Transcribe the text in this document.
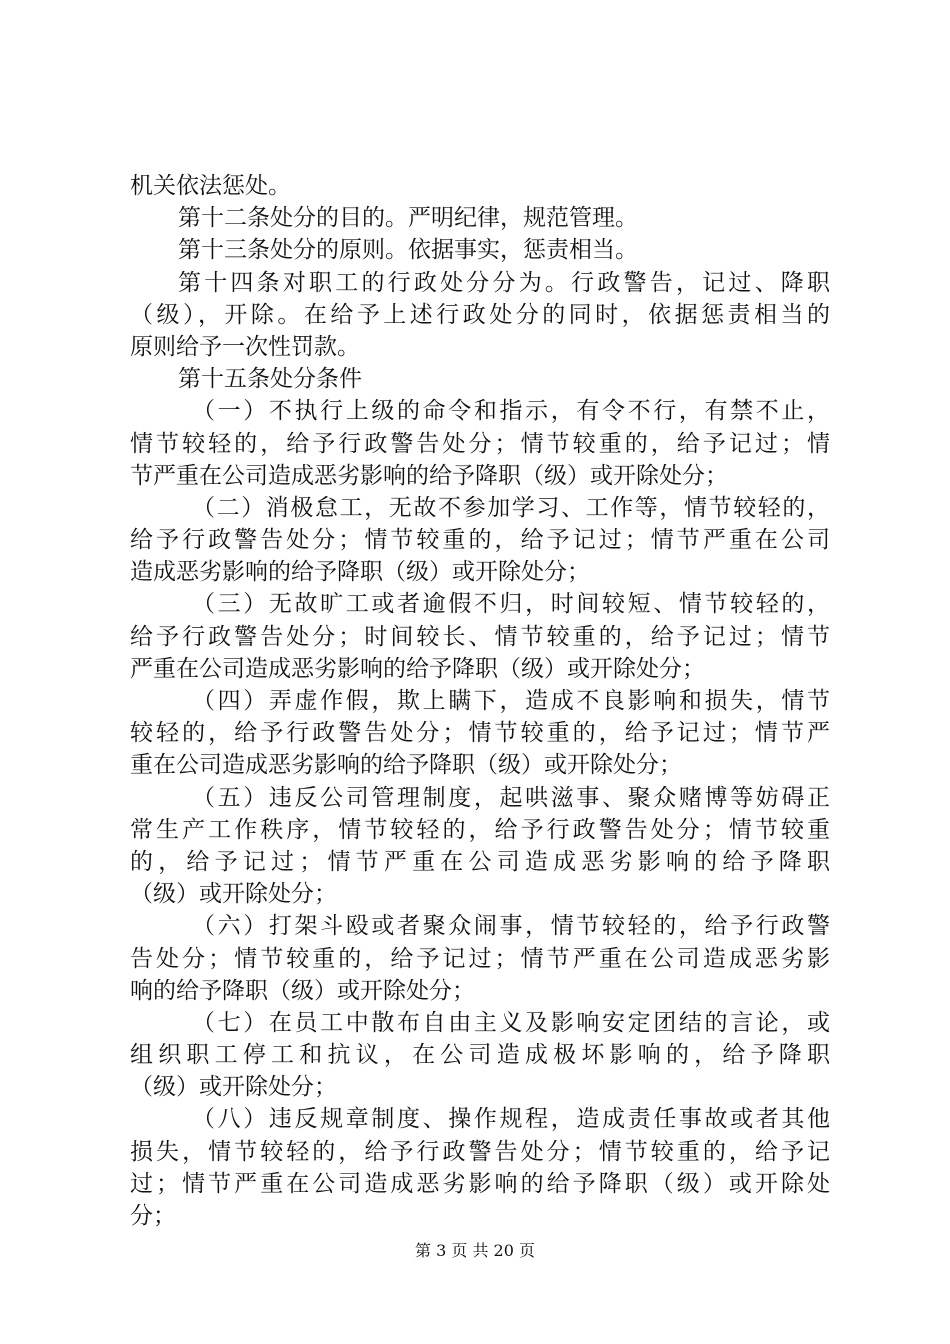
机关依法惩处。
第十二条处分的目的。严明纪律，规范管理。
第十三条处分的原则。依据事实，惩责相当。
第十四条对职工的行政处分分为。行政警告，记过、降职
（级），开除。在给予上述行政处分的同时，依据惩责相当的
原则给予一次性罚款。
第十五条处分条件
（一）不执行上级的命令和指示，有令不行，有禁不止，
情节较轻的，给予行政警告处分；情节较重的，给予记过；情
节严重在公司造成恶劣影响的给予降职（级）或开除处分；
（二）消极怠工，无故不参加学习、工作等，情节较轻的，
给予行政警告处分；情节较重的，给予记过；情节严重在公司
造成恶劣影响的给予降职（级）或开除处分；
（三）无故旷工或者逾假不归，时间较短、情节较轻的，
给予行政警告处分；时间较长、情节较重的，给予记过；情节
严重在公司造成恶劣影响的给予降职（级）或开除处分；
（四）弄虚作假，欺上瞒下，造成不良影响和损失，情节
较轻的，给予行政警告处分；情节较重的，给予记过；情节严
重在公司造成恶劣影响的给予降职（级）或开除处分；
（五）违反公司管理制度，起哄滋事、聚众赌博等妨碍正
常生产工作秩序，情节较轻的，给予行政警告处分；情节较重
的，给予记过；情节严重在公司造成恶劣影响的给予降职
（级）或开除处分；
（六）打架斗殴或者聚众闹事，情节较轻的，给予行政警
告处分；情节较重的，给予记过；情节严重在公司造成恶劣影
响的给予降职（级）或开除处分；
（七）在员工中散布自由主义及影响安定团结的言论，或
组织职工停工和抗议，在公司造成极坏影响的，给予降职
（级）或开除处分；
（八）违反规章制度、操作规程，造成责任事故或者其他
损失，情节较轻的，给予行政警告处分；情节较重的，给予记
过；情节严重在公司造成恶劣影响的给予降职（级）或开除处
分；
第 3 页 共 20 页
